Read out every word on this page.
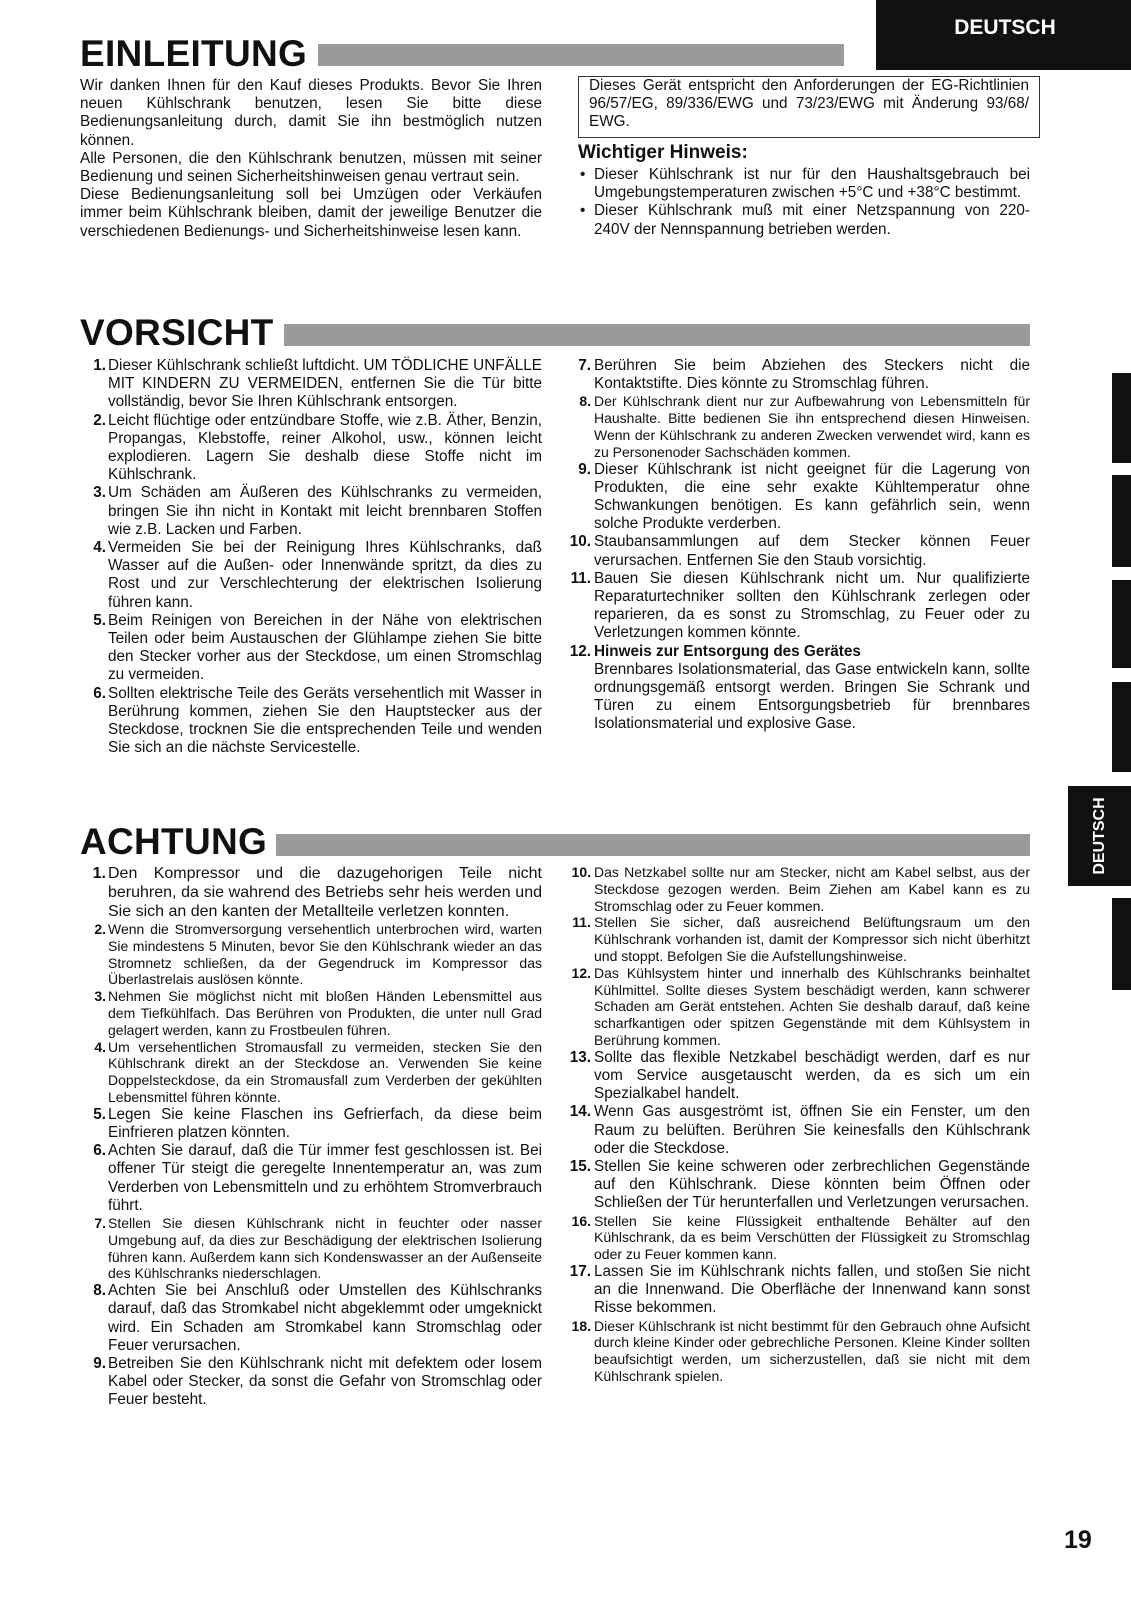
DEUTSCH
EINLEITUNG

Wir danken Ihnen für den Kauf dieses Produkts. Bevor Sie Ihren neuen Kühlschrank benutzen, lesen Sie bitte diese Bedienungsanleitung durch, damit Sie ihn bestmöglich nutzen können.

Alle Personen, die den Kühlschrank benutzen, müssen mit seiner Bedienung und seinen Sicherheitshinweisen genau vertraut sein.

Diese Bedienungsanleitung soll bei Umzügen oder Verkäufen immer beim Kühlschrank bleiben, damit der jeweilige Benutzer die verschiedenen Bedienungs- und Sicherheitshinweise lesen kann.

Dieses Gerät entspricht den Anforderungen der EG-Richtlinien 96/57/EG, 89/336/EWG und 73/23/EWG mit Änderung 93/68/ EWG.
Wichtiger Hinweis:
• Dieser Kühlschrank ist nur für den Haushaltsgebrauch bei Umgebungstemperaturen zwischen +5°C und +38°C bestimmt.
• Dieser Kühlschrank muß mit einer Netzspannung von 220- 240V der Nennspannung betrieben werden.
VORSICHT
1. Dieser Kühlschrank schließt luftdicht. UM TÖDLICHE UNFÄLLE MIT KINDERN ZU VERMEIDEN, entfernen Sie die Tür bitte vollständig, bevor Sie Ihren Kühlschrank entsorgen.
2. Leicht flüchtige oder entzündbare Stoffe, wie z.B. Äther, Benzin, Propangas, Klebstoffe, reiner Alkohol, usw., können leicht explodieren. Lagern Sie deshalb diese Stoffe nicht im Kühlschrank.
3. Um Schäden am Äußeren des Kühlschranks zu vermeiden, bringen Sie ihn nicht in Kontakt mit leicht brennbaren Stoffen wie z.B. Lacken und Farben.
4. Vermeiden Sie bei der Reinigung Ihres Kühlschranks, daß Wasser auf die Außen- oder Innenwände spritzt, da dies zu Rost und zur Verschlechterung der elektrischen Isolierung führen kann.
5. Beim Reinigen von Bereichen in der Nähe von elektrischen Teilen oder beim Austauschen der Glühlampe ziehen Sie bitte den Stecker vorher aus der Steckdose, um einen Stromschlag zu vermeiden.
6. Sollten elektrische Teile des Geräts versehentlich mit Wasser in Berührung kommen, ziehen Sie den Hauptstecker aus der Steckdose, trocknen Sie die entsprechenden Teile und wenden Sie sich an die nächste Servicestelle.
7. Berühren Sie beim Abziehen des Steckers nicht die Kontaktstifte. Dies könnte zu Stromschlag führen.
8. Der Kühlschrank dient nur zur Aufbewahrung von Lebensmitteln für Haushalte. Bitte bedienen Sie ihn entsprechend diesen Hinweisen. Wenn der Kühlschrank zu anderen Zwecken verwendet wird, kann es zu Personenoder Sachschäden kommen.
9. Dieser Kühlschrank ist nicht geeignet für die Lagerung von Produkten, die eine sehr exakte Kühltemperatur ohne Schwankungen benötigen. Es kann gefährlich sein, wenn solche Produkte verderben.
10. Staubansammlungen auf dem Stecker können Feuer verursachen. Entfernen Sie den Staub vorsichtig.
11. Bauen Sie diesen Kühlschrank nicht um. Nur qualifizierte Reparaturtechniker sollten den Kühlschrank zerlegen oder reparieren, da es sonst zu Stromschlag, zu Feuer oder zu Verletzungen kommen könnte.
12. Hinweis zur Entsorgung des Gerätes
Brennbares Isolationsmaterial, das Gase entwickeln kann, sollte ordnungsgemäß entsorgt werden. Bringen Sie Schrank und Türen zu einem Entsorgungsbetrieb für brennbares Isolationsmaterial und explosive Gase.
ACHTUNG
1. Den Kompressor und die dazugehorigen Teile nicht beruhren, da sie wahrend des Betriebs sehr heis werden und Sie sich an den kanten der Metallteile verletzen konnten.
2. Wenn die Stromversorgung versehentlich unterbrochen wird, warten Sie mindestens 5 Minuten, bevor Sie den Kühlschrank wieder an das Stromnetz schließen, da der Gegendruck im Kompressor das Überlastrelais auslösen könnte.
3. Nehmen Sie möglichst nicht mit bloßen Händen Lebensmittel aus dem Tiefkühlfach. Das Berühren von Produkten, die unter null Grad gelagert werden, kann zu Frostbeulen führen.
4. Um versehentlichen Stromausfall zu vermeiden, stecken Sie den Kühlschrank direkt an der Steckdose an. Verwenden Sie keine Doppelsteckdose, da ein Stromausfall zum Verderben der gekühlten Lebensmittel führen könnte.
5. Legen Sie keine Flaschen ins Gefrierfach, da diese beim Einfrieren platzen könnten.
6. Achten Sie darauf, daß die Tür immer fest geschlossen ist. Bei offener Tür steigt die geregelte Innentemperatur an, was zum Verderben von Lebensmitteln und zu erhöhtem Stromverbrauch führt.
7. Stellen Sie diesen Kühlschrank nicht in feuchter oder nasser Umgebung auf, da dies zur Beschädigung der elektrischen Isolierung führen kann. Außerdem kann sich Kondenswasser an der Außenseite des Kühlschranks niederschlagen.
8. Achten Sie bei Anschluß oder Umstellen des Kühlschranks darauf, daß das Stromkabel nicht abgeklemmt oder umgeknickt wird. Ein Schaden am Stromkabel kann Stromschlag oder Feuer verursachen.
9. Betreiben Sie den Kühlschrank nicht mit defektem oder losem Kabel oder Stecker, da sonst die Gefahr von Stromschlag oder Feuer besteht.
10. Das Netzkabel sollte nur am Stecker, nicht am Kabel selbst, aus der Steckdose gezogen werden. Beim Ziehen am Kabel kann es zu Stromschlag oder zu Feuer kommen.
11. Stellen Sie sicher, daß ausreichend Belüftungsraum um den Kühlschrank vorhanden ist, damit der Kompressor sich nicht überhitzt und stoppt. Befolgen Sie die Aufstellungshinweise.
12. Das Kühlsystem hinter und innerhalb des Kühlschranks beinhaltet Kühlmittel. Sollte dieses System beschädigt werden, kann schwerer Schaden am Gerät entstehen. Achten Sie deshalb darauf, daß keine scharfkantigen oder spitzen Gegenstände mit dem Kühlsystem in Berührung kommen.
13. Sollte das flexible Netzkabel beschädigt werden, darf es nur vom Service ausgetauscht werden, da es sich um ein Spezialkabel handelt.
14. Wenn Gas ausgeströmt ist, öffnen Sie ein Fenster, um den Raum zu belüften. Berühren Sie keinesfalls den Kühlschrank oder die Steckdose.
15. Stellen Sie keine schweren oder zerbrechlichen Gegenstände auf den Kühlschrank. Diese könnten beim Öffnen oder Schließen der Tür herunterfallen und Verletzungen verursachen.
16. Stellen Sie keine Flüssigkeit enthaltende Behälter auf den Kühlschrank, da es beim Verschütten der Flüssigkeit zu Stromschlag oder zu Feuer kommen kann.
17. Lassen Sie im Kühlschrank nichts fallen, und stoßen Sie nicht an die Innenwand. Die Oberfläche der Innenwand kann sonst Risse bekommen.
18. Dieser Kühlschrank ist nicht bestimmt für den Gebrauch ohne Aufsicht durch kleine Kinder oder gebrechliche Personen. Kleine Kinder sollten beaufsichtigt werden, um sicherzustellen, daß sie nicht mit dem Kühlschrank spielen.
DEUTSCH
19
